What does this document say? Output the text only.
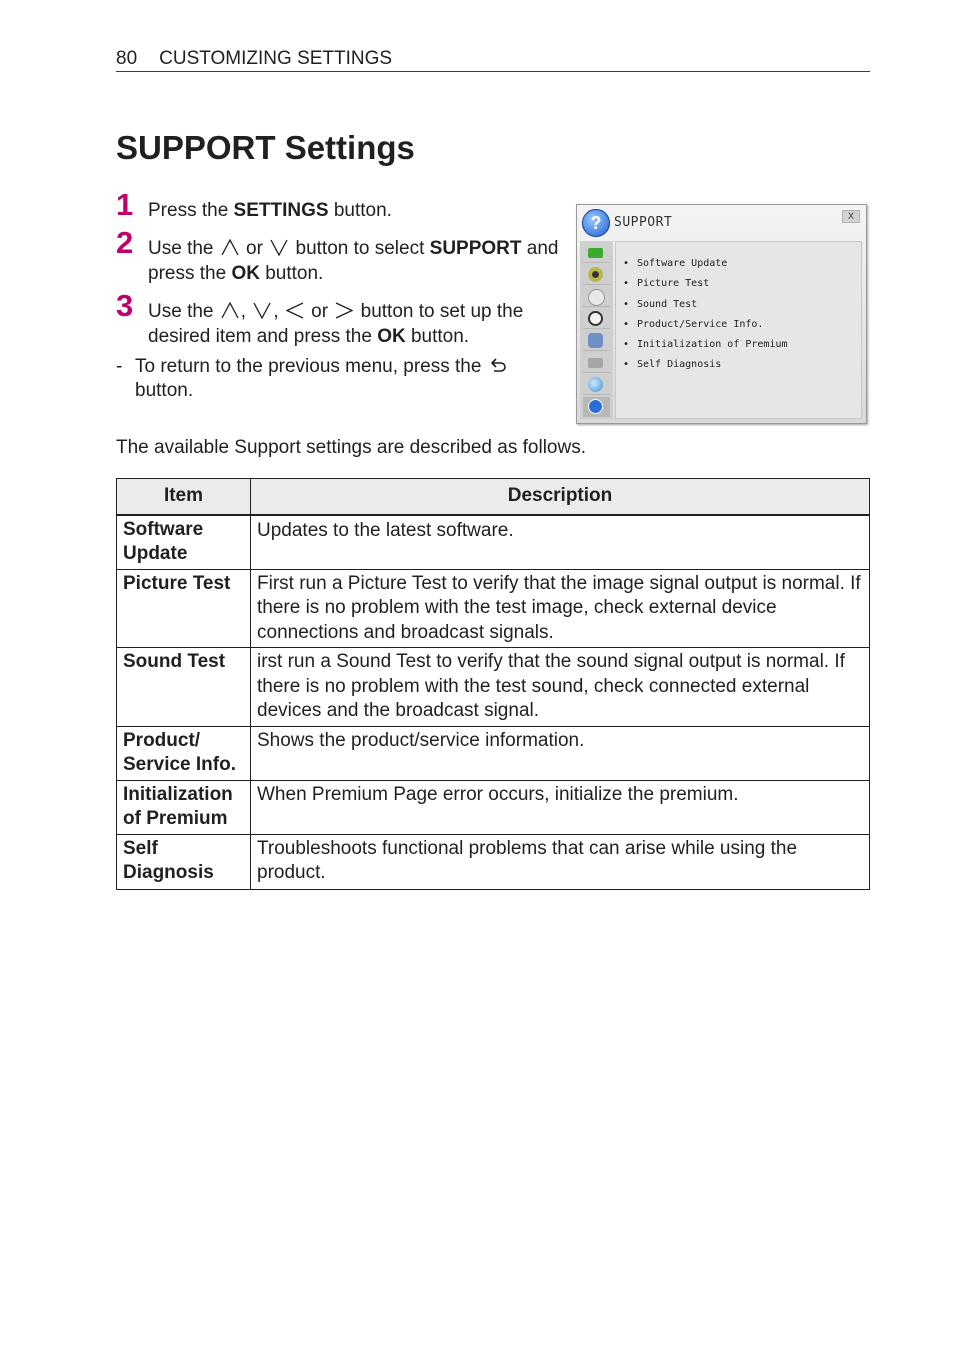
80 CUSTOMIZING SETTINGS
SUPPORT Settings
1 Press the SETTINGS button.
2 Use the
or
button to select SUPPORT and
press the OK button.
3 Use the
,
,
or
button to set up the
desired item and press the OK button.
- To return to the previous menu, press the
button.
? SUPPORT	X
• Software Update
• Picture Test
• Sound Test
• Product/Service Info.
• Initialization of Premium
• Self Diagnosis
The available Support settings are described as follows.
Item	Description
Software Update	Updates to the latest software.
Picture Test	First run a Picture Test to verify that the image signal output is normal. If there is no problem with the test image, check external device connections and broadcast signals.
Sound Test	irst run a Sound Test to verify that the sound signal output is normal. If there is no problem with the test sound, check connected external devices and the broadcast signal.
Product/ Service Info.	Shows the product/service information.
Initialization of Premium	When Premium Page error occurs, initialize the premium.
Self Diagnosis	Troubleshoots functional problems that can arise while using the product.
